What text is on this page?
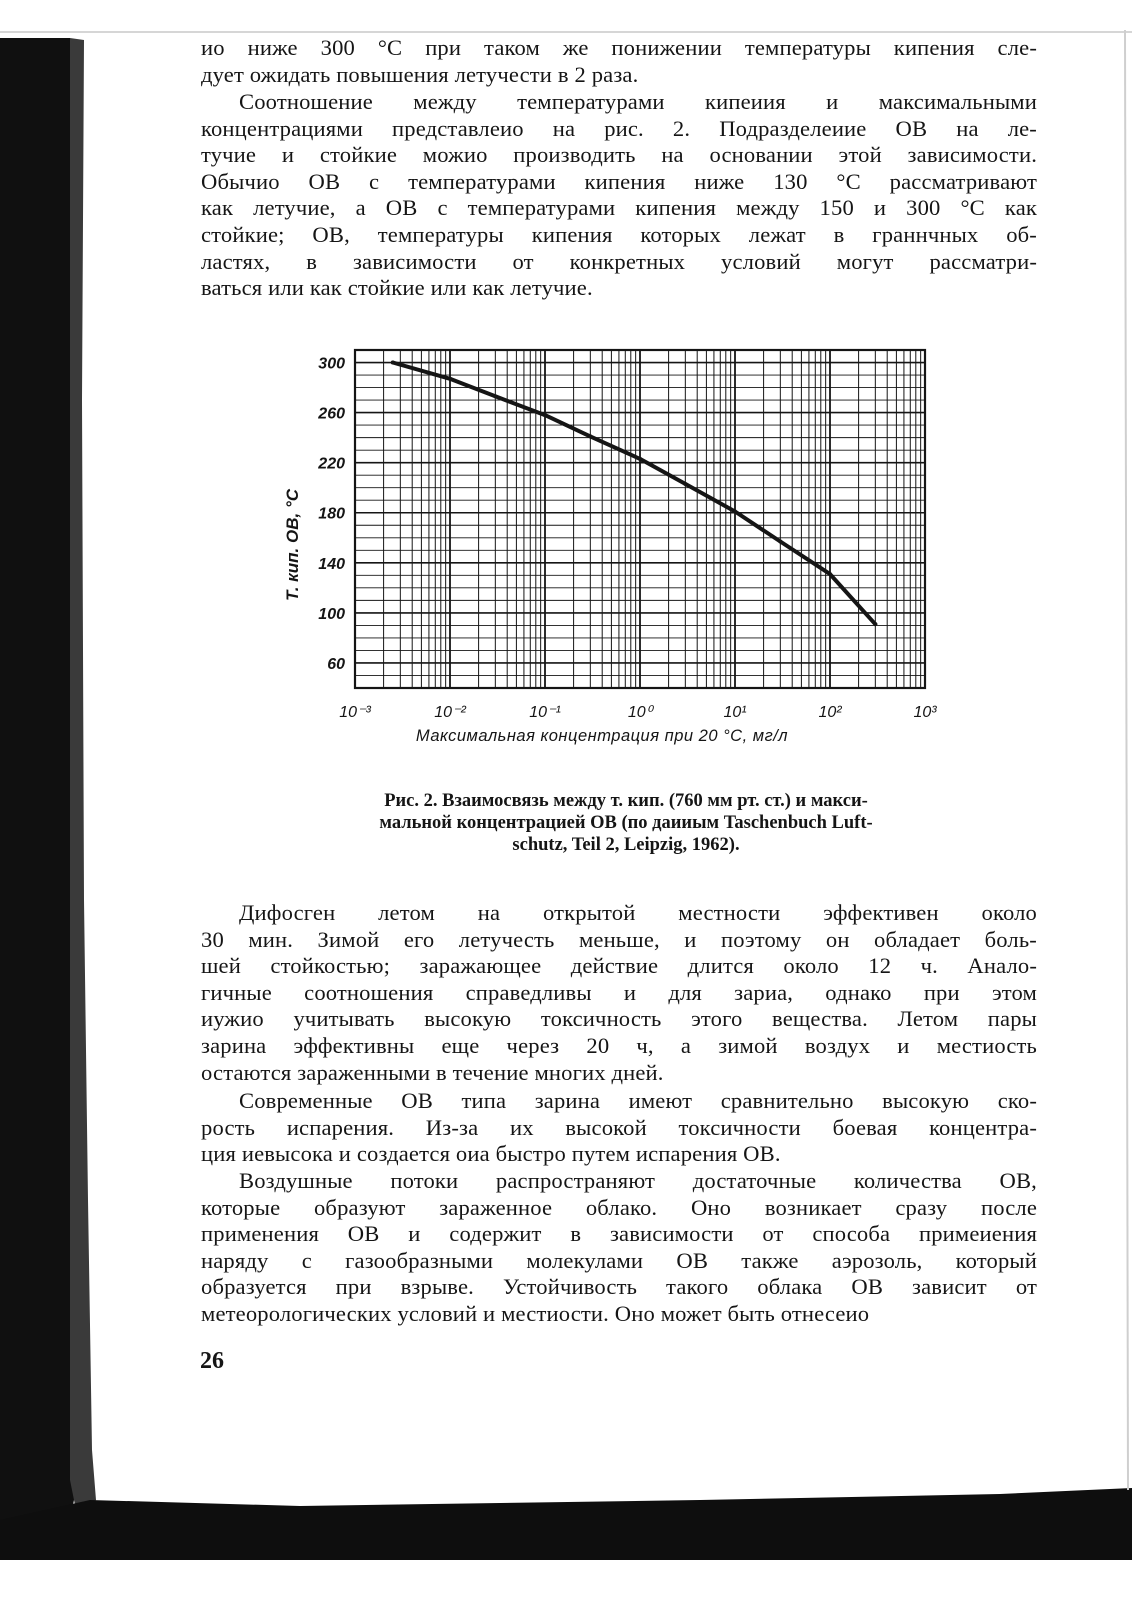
ио ниже 300 °С при таком же понижении температуры кипения сле-
дует ожидать повышения летучести в 2 раза.
Соотношение между температурами кипеиия и максимальными
концентрациями представлеио на рис. 2. Подразделеиие ОВ на ле-
тучие и стойкие можио производить на основании этой зависимости.
Обычио ОВ с температурами кипения ниже 130 °С рассматривают
как летучие, а ОВ с температурами кипения между 150 и 300 °С как
стойкие; ОВ, температуры кипения которых лежат в граннчных об-
ластях, в зависимости от конкретных условий могут рассматри-
ваться или как стойкие или как летучие.
300
260
220
180
140
100
60
10⁻³	10⁻²	10⁻¹	10⁰	10¹	10²	10³
Т. кип. ОВ, °С
Максимальная концентрация при 20 °С, мг/л
Рис. 2. Взаимосвязь между т. кип. (760 мм рт. ст.) и макси-
мальной концентрацией ОВ (по даииым Taschenbuch Luft-
schutz, Teil 2, Leipzig, 1962).
Дифосген летом на открытой местности эффективен около
30 мин. Зимой его летучесть меньше, и поэтому он обладает боль-
шей стойкостью; заражающее действие длится около 12 ч. Анало-
гичные соотношения справедливы и для зариa, однако при этом
иужио учитывать высокую токсичность этого вещества. Летом пары
зарина эффективны еще через 20 ч, а зимой воздух и местиость
остаются зараженными в течение многих дней.
Современные ОВ типа зарина имеют сравнительно высокую ско-
рость испарения. Из-за их высокой токсичности боевая концентра-
ция иевысока и создается оиа быстро путем испарения ОВ.
Воздушные потоки распространяют достаточные количества ОВ,
которые образуют зараженное облако. Оно возникает сразу после
применения ОВ и содержит в зависимости от способа примеиения
наряду с газообразными молекулами ОВ также аэрозоль, который
образуется при взрыве. Устойчивость такого облака ОВ зависит от
метеорологических условий и местиости. Оно может быть отнесеио
26
